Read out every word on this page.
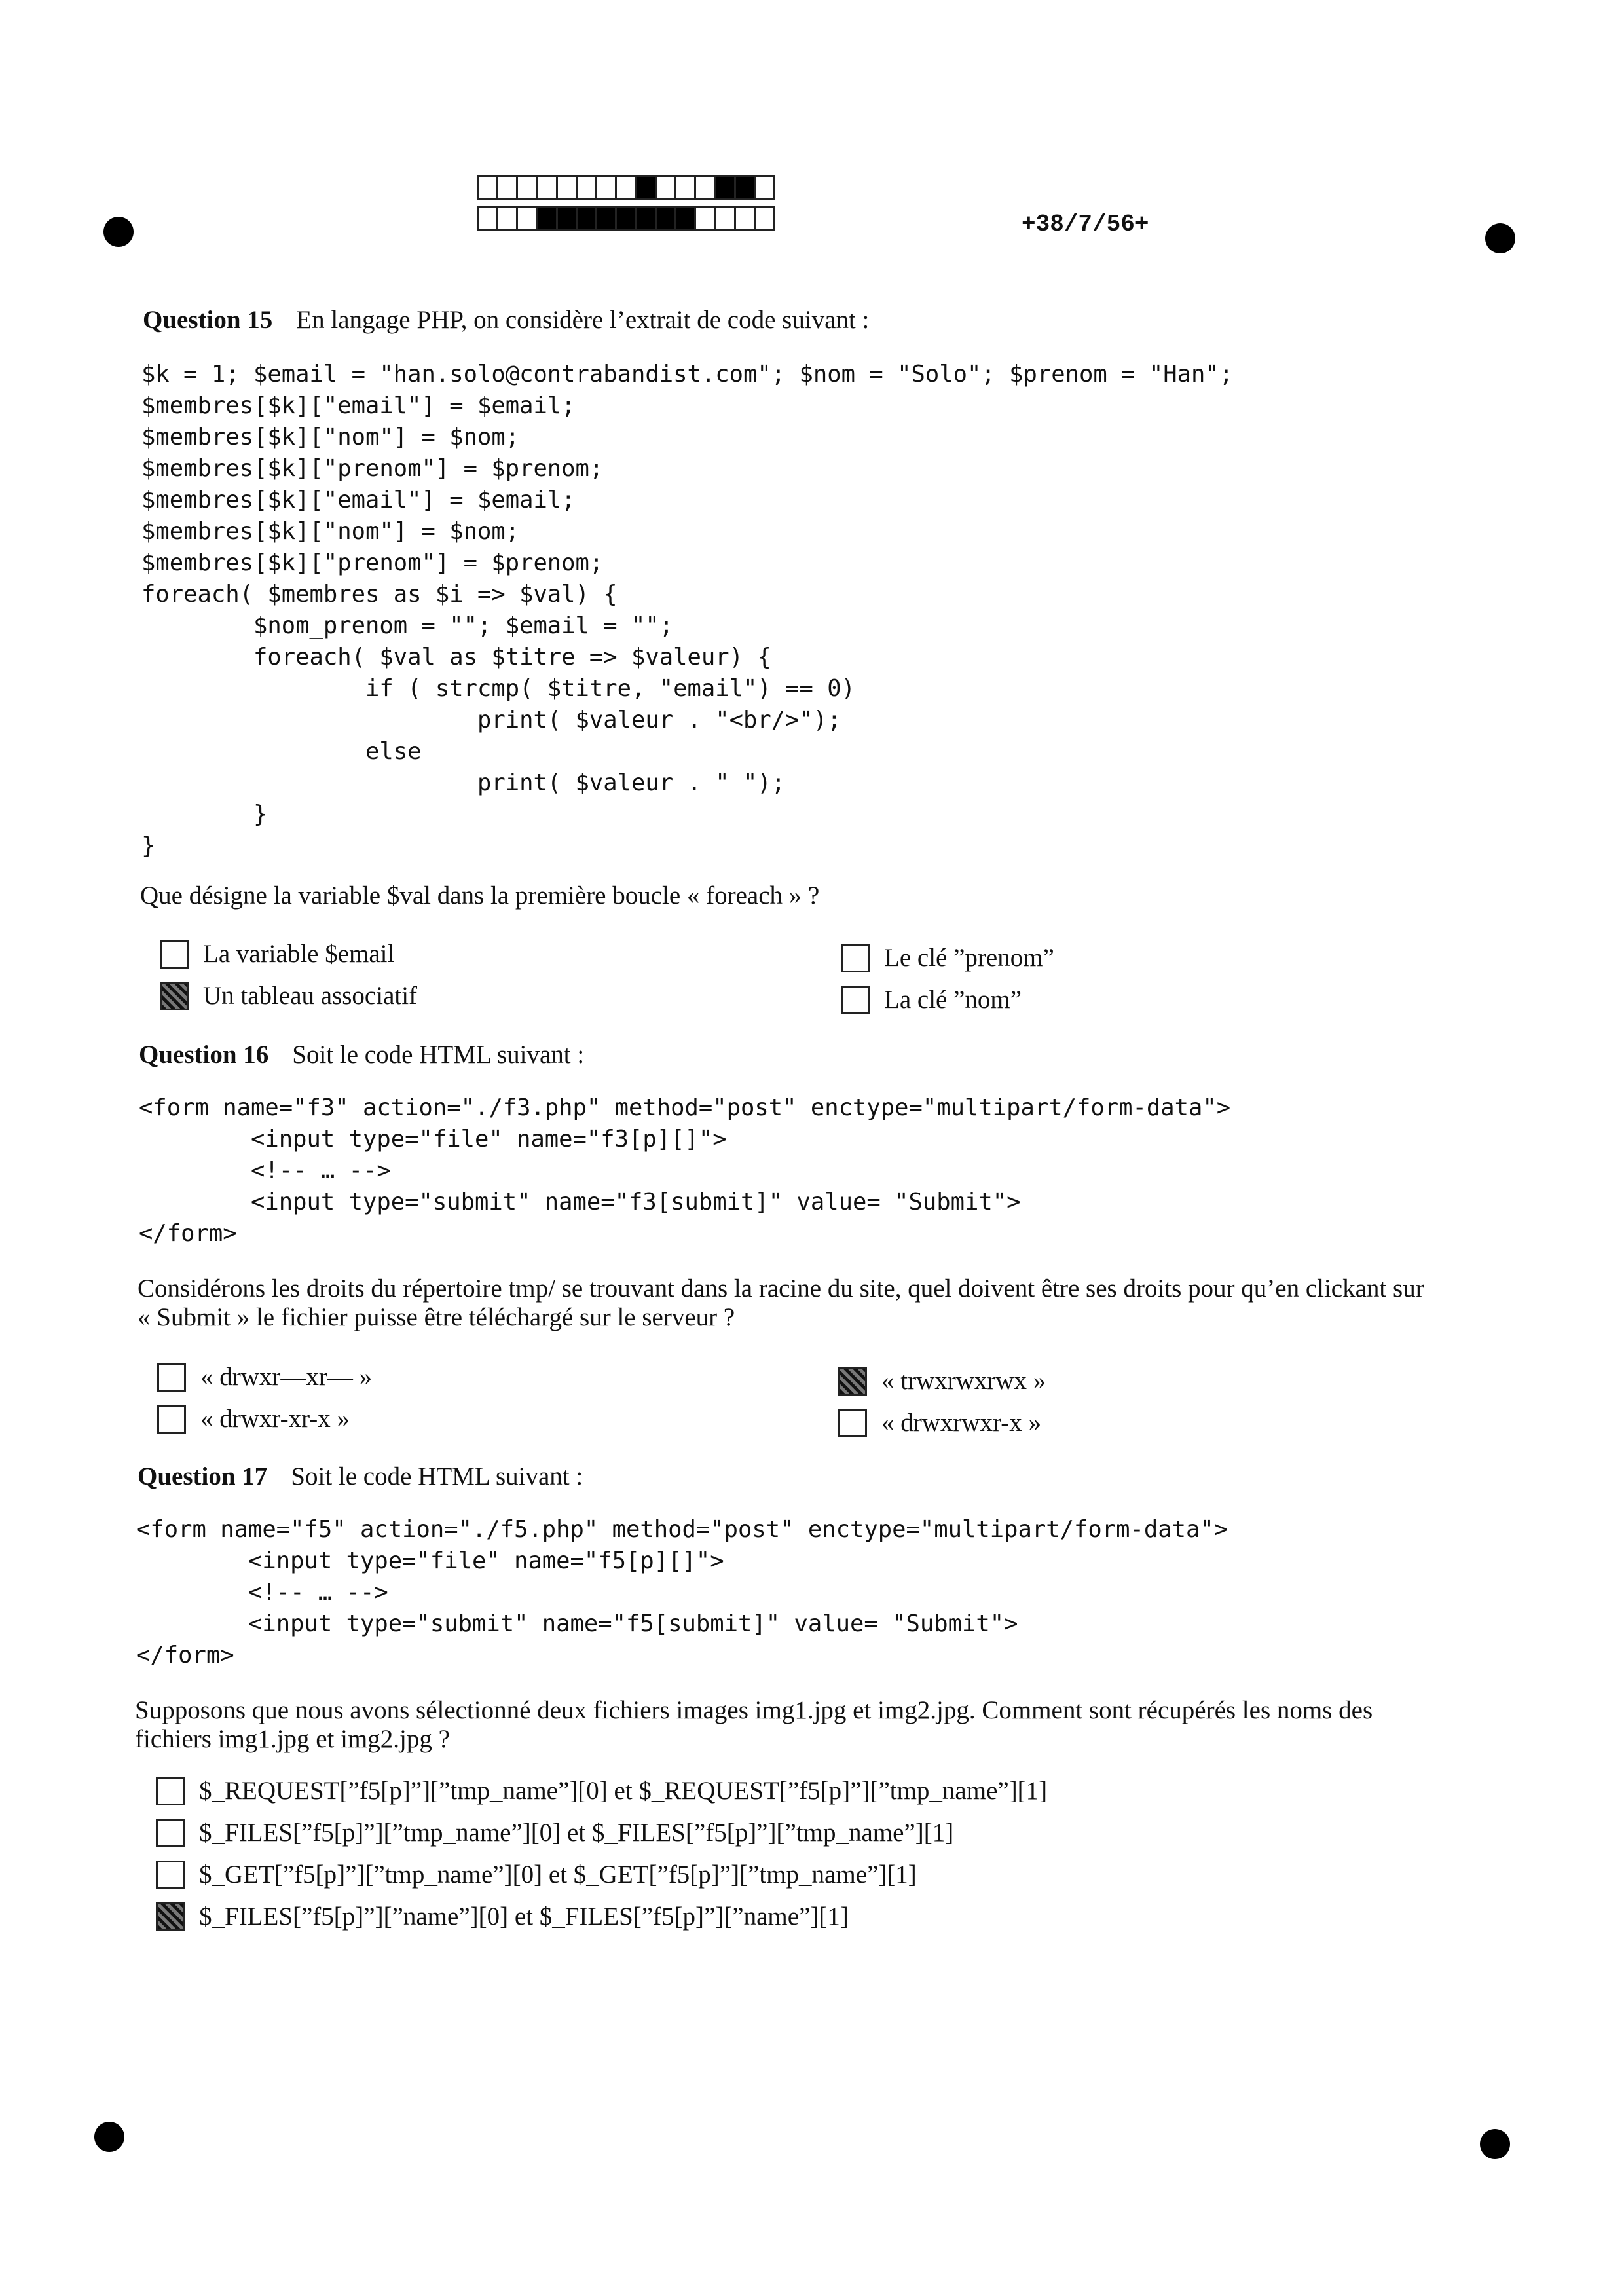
+38/7/56+
Question 15 En langage PHP, on considère l’extrait de code suivant :
$k = 1; $email = "han.solo@contrabandist.com"; $nom = "Solo"; $prenom = "Han";
$membres[$k]["email"] = $email;
$membres[$k]["nom"] = $nom;
$membres[$k]["prenom"] = $prenom;
$membres[$k]["email"] = $email;
$membres[$k]["nom"] = $nom;
$membres[$k]["prenom"] = $prenom;
foreach( $membres as $i => $val) {
$nom_prenom = ""; $email = "";
foreach( $val as $titre => $valeur) {
if ( strcmp( $titre, "email") == 0)
print( $valeur . "<br/>");
else
print( $valeur . " ");
}
}
Que désigne la variable $val dans la première boucle « foreach » ?
La variable $email	Le clé ”prenom”
Un tableau associatif	La clé ”nom”
Question 16 Soit le code HTML suivant :
<form name="f3" action="./f3.php" method="post" enctype="multipart/form-data">
<input type="file" name="f3[p][]">
<!-- … -->
<input type="submit" name="f3[submit]" value= "Submit">
</form>
Considérons les droits du répertoire tmp/ se trouvant dans la racine du site, quel doivent être ses droits pour qu’en clickant sur
« Submit » le fichier puisse être téléchargé sur le serveur ?
« drwxr—xr— »	« trwxrwxrwx »
« drwxr-xr-x »	« drwxrwxr-x »
Question 17 Soit le code HTML suivant :
<form name="f5" action="./f5.php" method="post" enctype="multipart/form-data">
<input type="file" name="f5[p][]">
<!-- … -->
<input type="submit" name="f5[submit]" value= "Submit">
</form>
Supposons que nous avons sélectionné deux fichiers images img1.jpg et img2.jpg. Comment sont récupérés les noms des
fichiers img1.jpg et img2.jpg ?
$_REQUEST[”f5[p]”][”tmp_name”][0] et $_REQUEST[”f5[p]”][”tmp_name”][1]
$_FILES[”f5[p]”][”tmp_name”][0] et $_FILES[”f5[p]”][”tmp_name”][1]
$_GET[”f5[p]”][”tmp_name”][0] et $_GET[”f5[p]”][”tmp_name”][1]
$_FILES[”f5[p]”][”name”][0] et $_FILES[”f5[p]”][”name”][1]
